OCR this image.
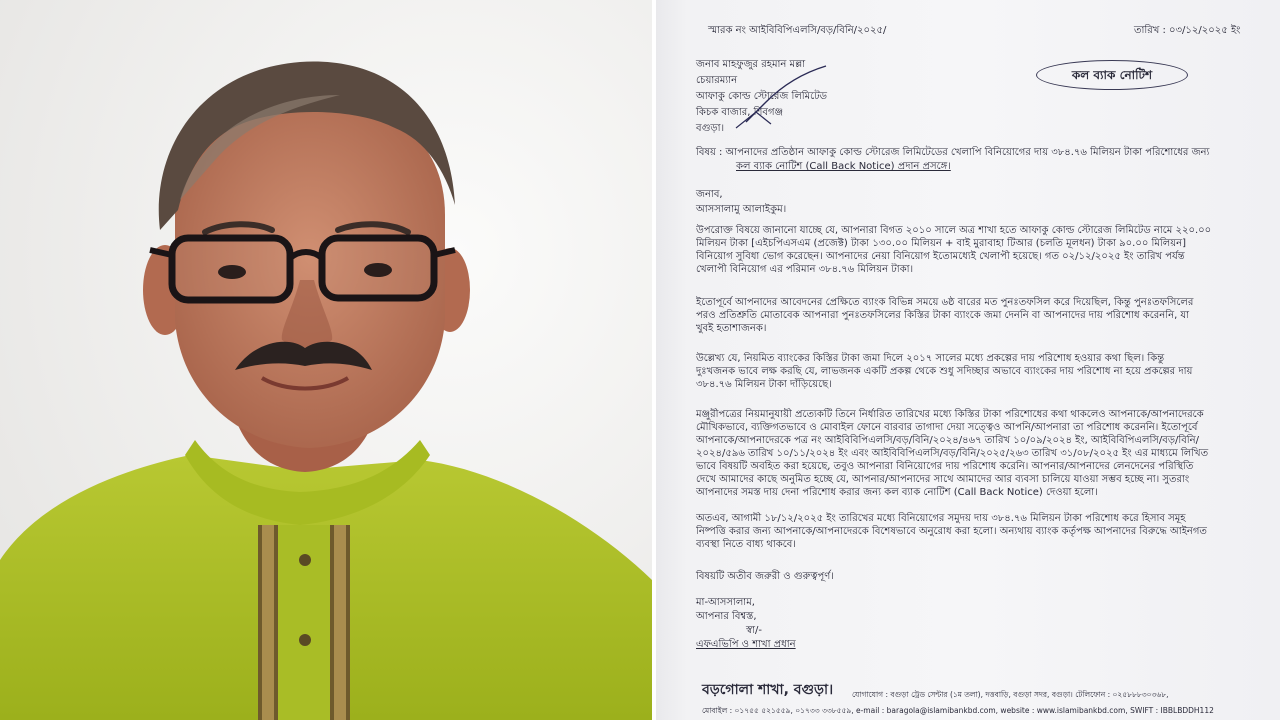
স্মারক নং আইবিবিপিএলসি/বড়/বিনি/২০২৫/	তারিখ : ০৩/১২/২০২৫ ইং
কল ব্যাক নোটিশ
জনাব মাহফুজুর রহমান মল্লা
চেয়ারম্যান
আফাকু কোল্ড স্টোরেজ লিমিটেড
কিচক বাজার, শিবগঞ্জ
বগুড়া।
বিষয় : আপনাদের প্রতিষ্ঠান আফাকু কোল্ড স্টোরেজ লিমিটেডের খেলাপি বিনিয়োগের দায় ৩৮৪.৭৬ মিলিয়ন টাকা পরিশোধের জন্য
কল ব্যাক নোটিশ (Call Back Notice) প্রদান প্রসঙ্গে।
জনাব,
আসসালামু আলাইকুম।
উপরোক্ত বিষয়ে জানানো যাচ্ছে যে, আপনারা বিগত ২০১০ সালে অত্র শাখা হতে আফাকু কোল্ড স্টোরেজ লিমিটেড নামে ২২০.০০
মিলিয়ন টাকা [এইচপিএসএম (প্রজেক্ট) টাকা ১৩০.০০ মিলিয়ন + বাই মুরাবাহা টিআর (চলতি মূলধন) টাকা ৯০.০০ মিলিয়ন]
বিনিয়োগ সুবিধা ভোগ করেছেন। আপনাদের নেয়া বিনিয়োগ ইতোমধ্যেই খেলাপী হয়েছে। গত ০২/১২/২০২৫ ইং তারিখ পর্যন্ত
খেলাপী বিনিয়োগ এর পরিমান ৩৮৪.৭৬ মিলিয়ন টাকা।
ইতোপূর্বে আপনাদের আবেদনের প্রেক্ষিতে ব্যাংক বিভিন্ন সময়ে ৬ষ্ঠ বারের মত পুনঃতফসিল করে দিয়েছিল, কিন্তু পুনঃতফসিলের
পরও প্রতিশ্রুতি মোতাবেক আপনারা পুনঃতফসিলের কিস্তির টাকা ব্যাংকে জমা দেননি বা আপনাদের দায় পরিশোধ করেননি, যা
খুবই হতাশাজনক।
উল্লেখ্য যে, নিয়মিত ব্যাংকের কিস্তির টাকা জমা দিলে ২০১৭ সালের মধ্যে প্রকল্পের দায় পরিশোধ হওয়ার কথা ছিল। কিন্তু
দুঃখজনক ভাবে লক্ষ করছি যে, লাভজনক একটি প্রকল্প থেকে শুধু সদিচ্ছার অভাবে ব্যাংকের দায় পরিশোধ না হয়ে প্রকল্পের দায়
৩৮৪.৭৬ মিলিয়ন টাকা দাঁড়িয়েছে।
মঞ্জুরীপত্রের নিয়মানুযায়ী প্রত্যেকটি তিনে নির্ধারিত তারিখের মধ্যে কিস্তির টাকা পরিশোধের কথা থাকলেও আপনাকে/আপনাদেরকে
মৌখিকভাবে, ব্যক্তিগতভাবে ও মোবাইল ফোনে বারবার তাগাদা দেয়া সত্ত্বেও আপনি/আপনারা তা পরিশোধ করেননি। ইতোপূর্বে
আপনাকে/আপনাদেরকে পত্র নং আইবিবিপিএলসি/বড়/বিনি/২০২৪/৪৬৭ তারিখ ১০/০৯/২০২৪ ইং, আইবিবিপিএলসি/বড়/বিনি/
২০২৪/৫৯৬ তারিখ ১০/১১/২০২৪ ইং এবং আইবিবিপিএলসি/বড়/বিনি/২০২৫/২৬৩ তারিখ ৩১/০৮/২০২৫ ইং এর মাধ্যমে লিখিত
ভাবে বিষয়টি অবহিত করা হয়েছে, তবুও আপনারা বিনিয়োগের দায় পরিশোধ করেনি। আপনার/আপনাদের লেনদেনের পরিস্থিতি
দেখে আমাদের কাছে অনুমিত হচ্ছে যে, আপনার/আপনাদের সাথে আমাদের আর ব্যবসা চালিয়ে যাওয়া সম্ভব হচ্ছে না। সুতরাং
আপনাদের সমস্ত দায় দেনা পরিশোধ করার জন্য কল ব্যাক নোটিশ (Call Back Notice) দেওয়া হলো।
অতএব, আগামী ১৮/১২/২০২৫ ইং তারিখের মধ্যে বিনিয়োগের সমুদয় দায় ৩৮৪.৭৬ মিলিয়ন টাকা পরিশোধ করে হিসাব সমূহ
নিষ্পত্তি করার জন্য আপনাকে/আপনাদেরকে বিশেষভাবে অনুরোধ করা হলো। অন্যথায় ব্যাংক কর্তৃপক্ষ আপনাদের বিরুদ্ধে আইনগত
ব্যবস্থা নিতে বাধ্য থাকবে।
বিষয়টি অতীব জরুরী ও গুরুত্বপূর্ণ।
মা-আসসালাম,
আপনার বিশ্বস্ত,
স্বা/-
এফএভিপি ও শাখা প্রধান
বড়গোলা শাখা, বগুড়া।	যোগাযোগ : বগুড়া ট্রেড সেন্টার (১ম তলা), দত্তবাড়ি, বগুড়া সদর, বগুড়া। টেলিফোন : ০২৫৮৮৮৩০৩৬৮,
মোবাইল : ০১৭৫৫ ৫২১৫৫৯, ০১৭৩৩ ৩৩৮৫৫৯, e-mail : baragola@islamibankbd.com, website : www.islamibankbd.com, SWIFT : IBBLBDDH112
